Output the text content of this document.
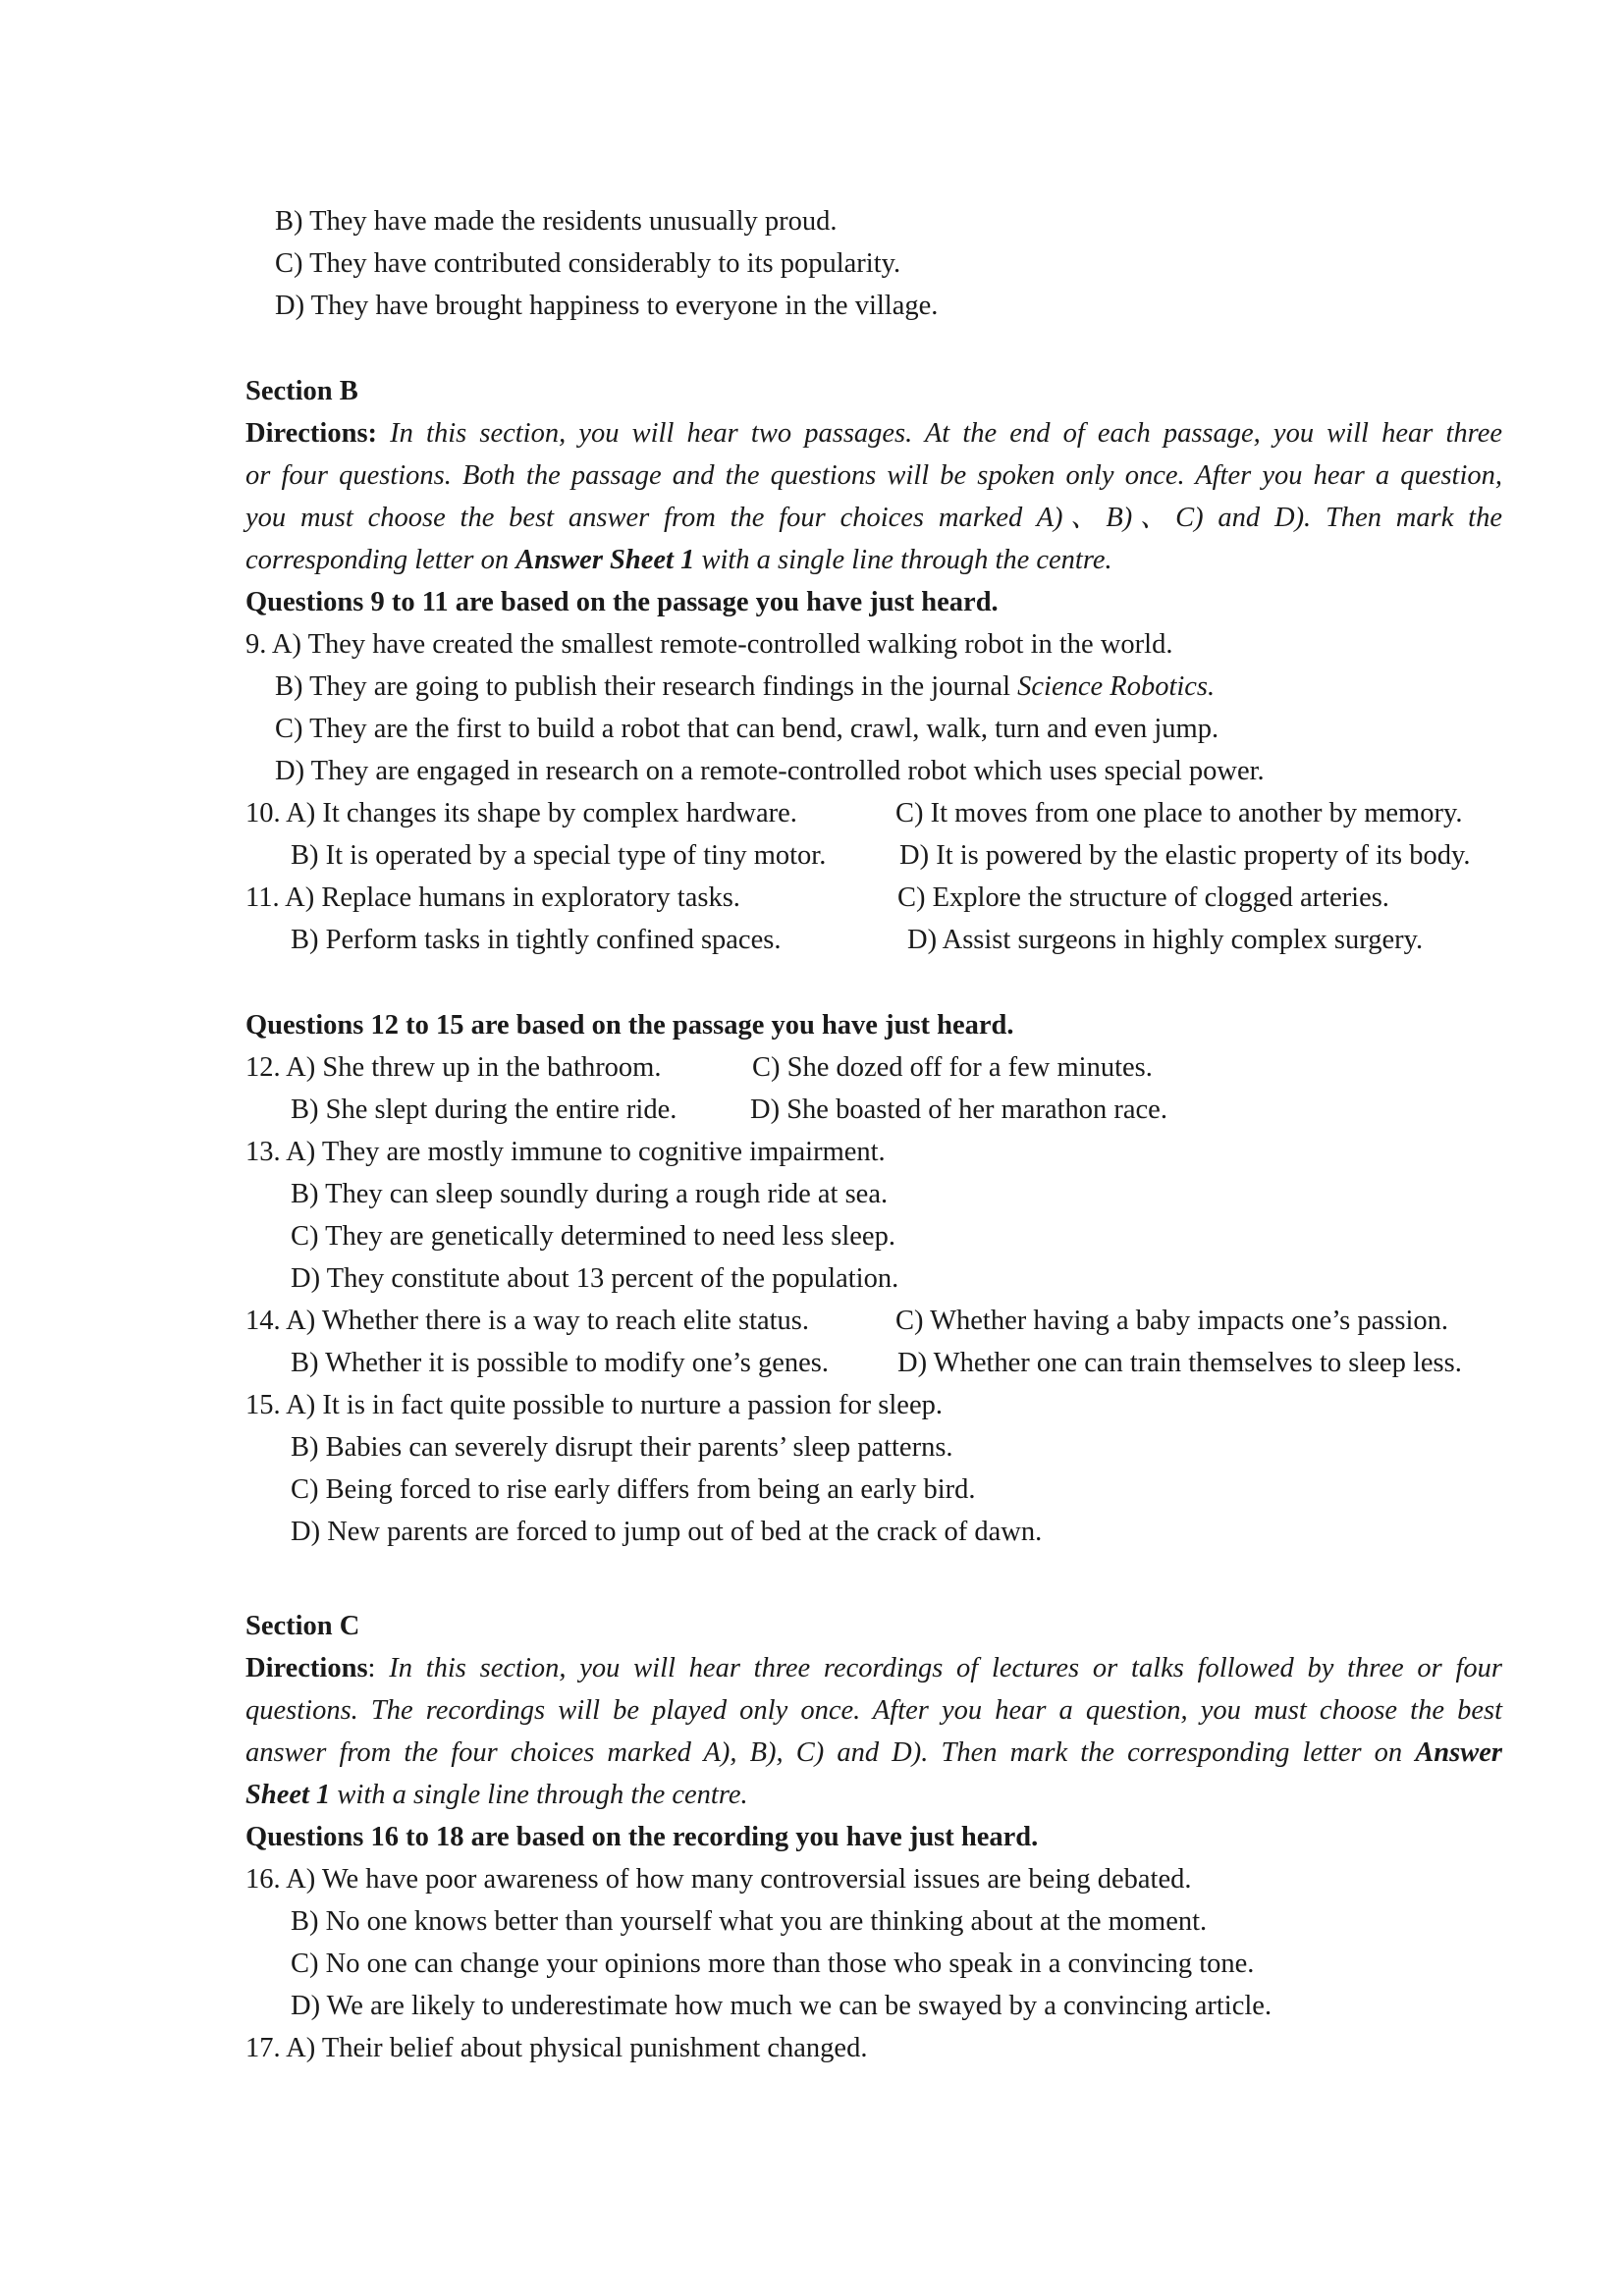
B) They have made the residents unusually proud.
C) They have contributed considerably to its popularity.
D) They have brought happiness to everyone in the village.
Section B
Directions: In this section, you will hear two passages. At the end of each passage, you will hear three
or four questions. Both the passage and the questions will be spoken only once. After you hear a question,
you must choose the best answer from the four choices marked A)、B)、C) and D). Then mark the
corresponding letter on Answer Sheet 1 with a single line through the centre.
Questions 9 to 11 are based on the passage you have just heard.
9. A) They have created the smallest remote-controlled walking robot in the world.
B) They are going to publish their research findings in the journal Science Robotics.
C) They are the first to build a robot that can bend, crawl, walk, turn and even jump.
D) They are engaged in research on a remote-controlled robot which uses special power.
10. A) It changes its shape by complex hardware.	C) It moves from one place to another by memory.
B) It is operated by a special type of tiny motor.	D) It is powered by the elastic property of its body.
11. A) Replace humans in exploratory tasks.	C) Explore the structure of clogged arteries.
B) Perform tasks in tightly confined spaces.	D) Assist surgeons in highly complex surgery.
Questions 12 to 15 are based on the passage you have just heard.
12. A) She threw up in the bathroom.	C) She dozed off for a few minutes.
B) She slept during the entire ride.	D) She boasted of her marathon race.
13. A) They are mostly immune to cognitive impairment.
B) They can sleep soundly during a rough ride at sea.
C) They are genetically determined to need less sleep.
D) They constitute about 13 percent of the population.
14. A) Whether there is a way to reach elite status.	C) Whether having a baby impacts one’s passion.
B) Whether it is possible to modify one’s genes. D) Whether one can train themselves to sleep less.
15. A) It is in fact quite possible to nurture a passion for sleep.
B) Babies can severely disrupt their parents’ sleep patterns.
C) Being forced to rise early differs from being an early bird.
D) New parents are forced to jump out of bed at the crack of dawn.
Section C
Directions: In this section, you will hear three recordings of lectures or talks followed by three or four
questions. The recordings will be played only once. After you hear a question, you must choose the best
answer from the four choices marked A), B), C) and D). Then mark the corresponding letter on Answer
Sheet 1 with a single line through the centre.
Questions 16 to 18 are based on the recording you have just heard.
16. A) We have poor awareness of how many controversial issues are being debated.
B) No one knows better than yourself what you are thinking about at the moment.
C) No one can change your opinions more than those who speak in a convincing tone.
D) We are likely to underestimate how much we can be swayed by a convincing article.
17. A) Their belief about physical punishment changed.
